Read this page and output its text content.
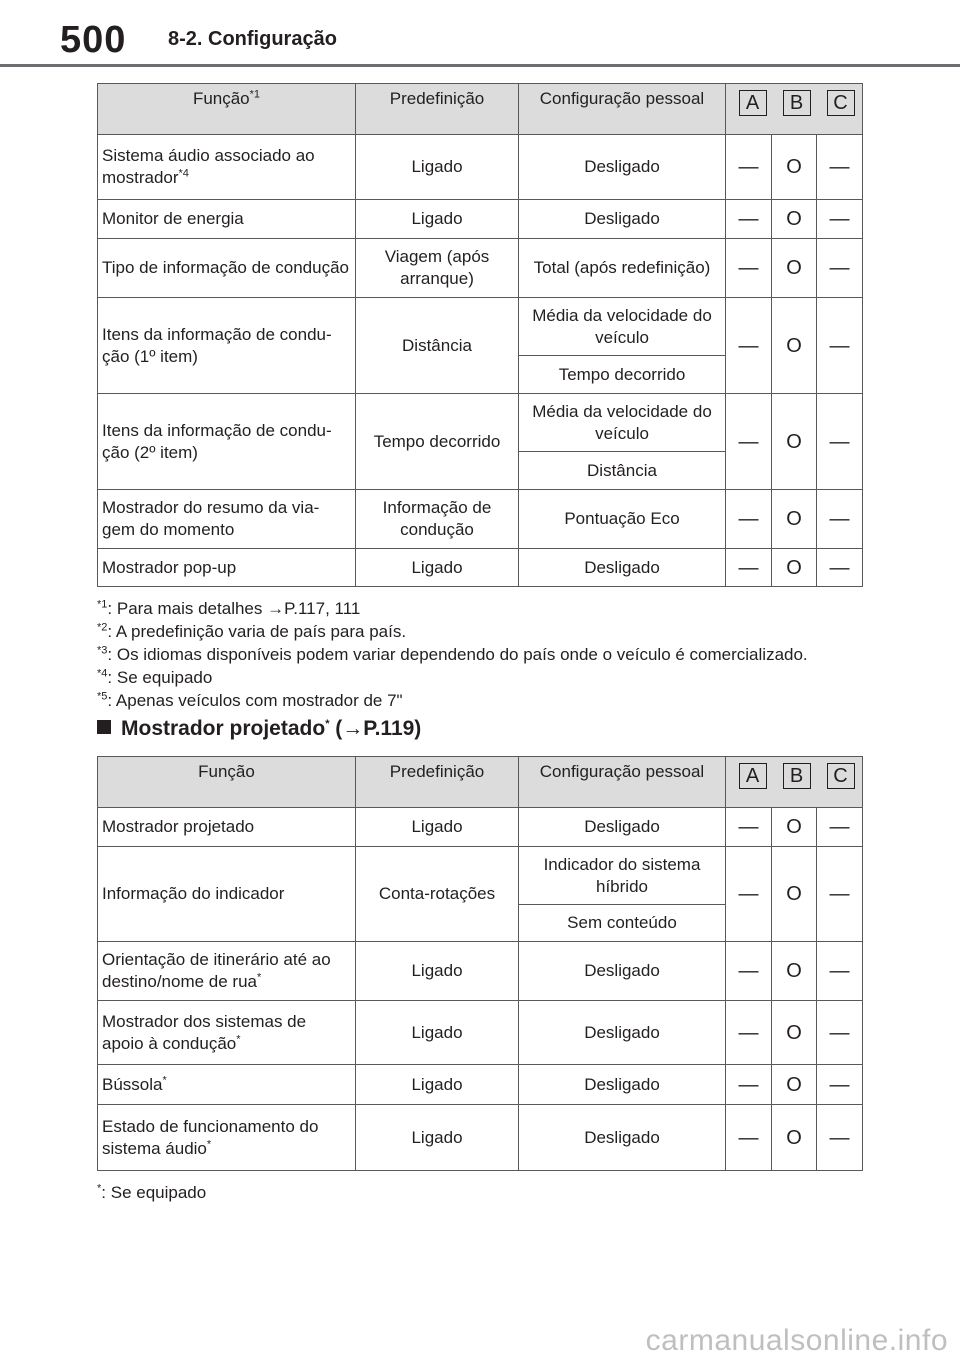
500 8-2. Configuração
Função$^{*1}$	Predefinição	Configuração pessoal	A B C		

Sistema áudio associado ao mostrador$^{*4}$	Ligado	Desligado	—	O	—
Monitor de energia	Ligado	Desligado	—	O	—
Tipo de informação de condução	Viagem (após arranque)	Total (após redefinição)	—	O	—
Itens da informação de condu-ção (1º item)	Distância	Média da velocidade do veículo	—	O	—
		Tempo decorrido			
Itens da informação de condu-ção (2º item)	Tempo decorrido	Média da velocidade do veículo	—	O	—
		Distância			
Mostrador do resumo da via-gem do momento	Informação de condução	Pontuação Eco	—	O	—
Mostrador pop-up	Ligado	Desligado	—	O	—
$^{*1}$: Para mais detalhes →P.117, 111
$^{*2}$: A predefinição varia de país para país.
$^{*3}$: Os idiomas disponíveis podem variar dependendo do país onde o veículo é comercializado.
$^{*4}$: Se equipado
$^{*5}$: Apenas veículos com mostrador de 7"
Mostrador projetado* (→P.119)
Função	Predefinição	Configuração pessoal	A B C		

Mostrador projetado	Ligado	Desligado	—	O	—
Informação do indicador	Conta-rotações	Indicador do sistema híbrido	—	O	—
		Sem conteúdo			
Orientação de itinerário até ao destino/nome de rua*	Ligado	Desligado	—	O	—
Mostrador dos sistemas de apoio à condução*	Ligado	Desligado	—	O	—
Bússola*	Ligado	Desligado	—	O	—
Estado de funcionamento do sistema áudio*	Ligado	Desligado	—	O	—
*: Se equipado
carmanualsonline.info
